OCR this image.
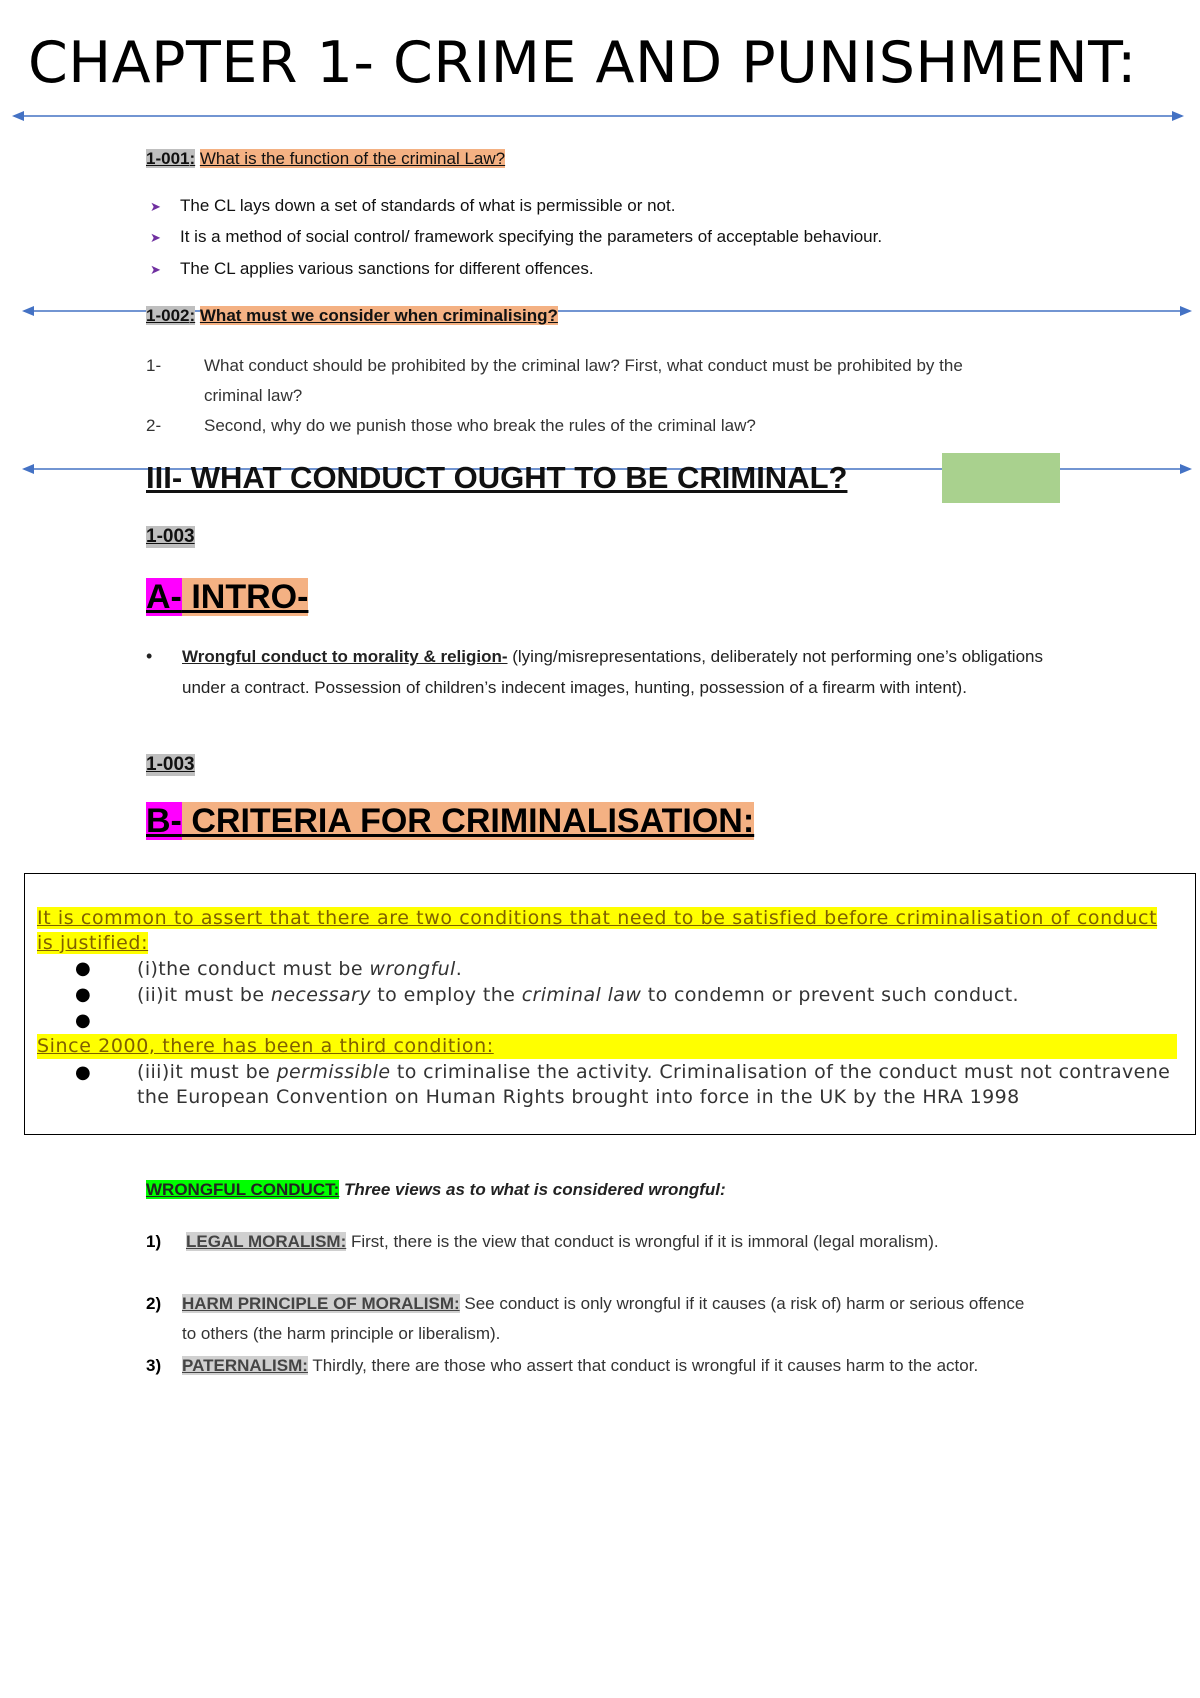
CHAPTER 1- CRIME AND PUNISHMENT:
1-001: What is the function of the criminal Law?
➤ The CL lays down a set of standards of what is permissible or not.
➤ It is a method of social control/ framework specifying the parameters of acceptable behaviour.
➤ The CL applies various sanctions for different offences.
1-002: What must we consider when criminalising?
1-	What conduct should be prohibited by the criminal law? First, what conduct must be prohibited by the criminal law?
2-	Second, why do we punish those who break the rules of the criminal law?
III- WHAT CONDUCT OUGHT TO BE CRIMINAL?
1-003
A- INTRO-
• Wrongful conduct to morality & religion- (lying/misrepresentations, deliberately not performing one’s obligations under a contract. Possession of children’s indecent images, hunting, possession of a firearm with intent).
1-003
B- CRITERIA FOR CRIMINALISATION:
It is common to assert that there are two conditions that need to be satisfied before criminalisation of conduct is justified:
● (i)the conduct must be wrongful.
● (ii)it must be necessary to employ the criminal law to condemn or prevent such conduct.
●
Since 2000, there has been a third condition:
● (iii)it must be permissible to criminalise the activity. Criminalisation of the conduct must not contravene the European Convention on Human Rights brought into force in the UK by the HRA 1998
WRONGFUL CONDUCT: Three views as to what is considered wrongful:
1) LEGAL MORALISM: First, there is the view that conduct is wrongful if it is immoral (legal moralism).
2) HARM PRINCIPLE OF MORALISM: See conduct is only wrongful if it causes (a risk of) harm or serious offence to others (the harm principle or liberalism).
3) PATERNALISM: Thirdly, there are those who assert that conduct is wrongful if it causes harm to the actor.
